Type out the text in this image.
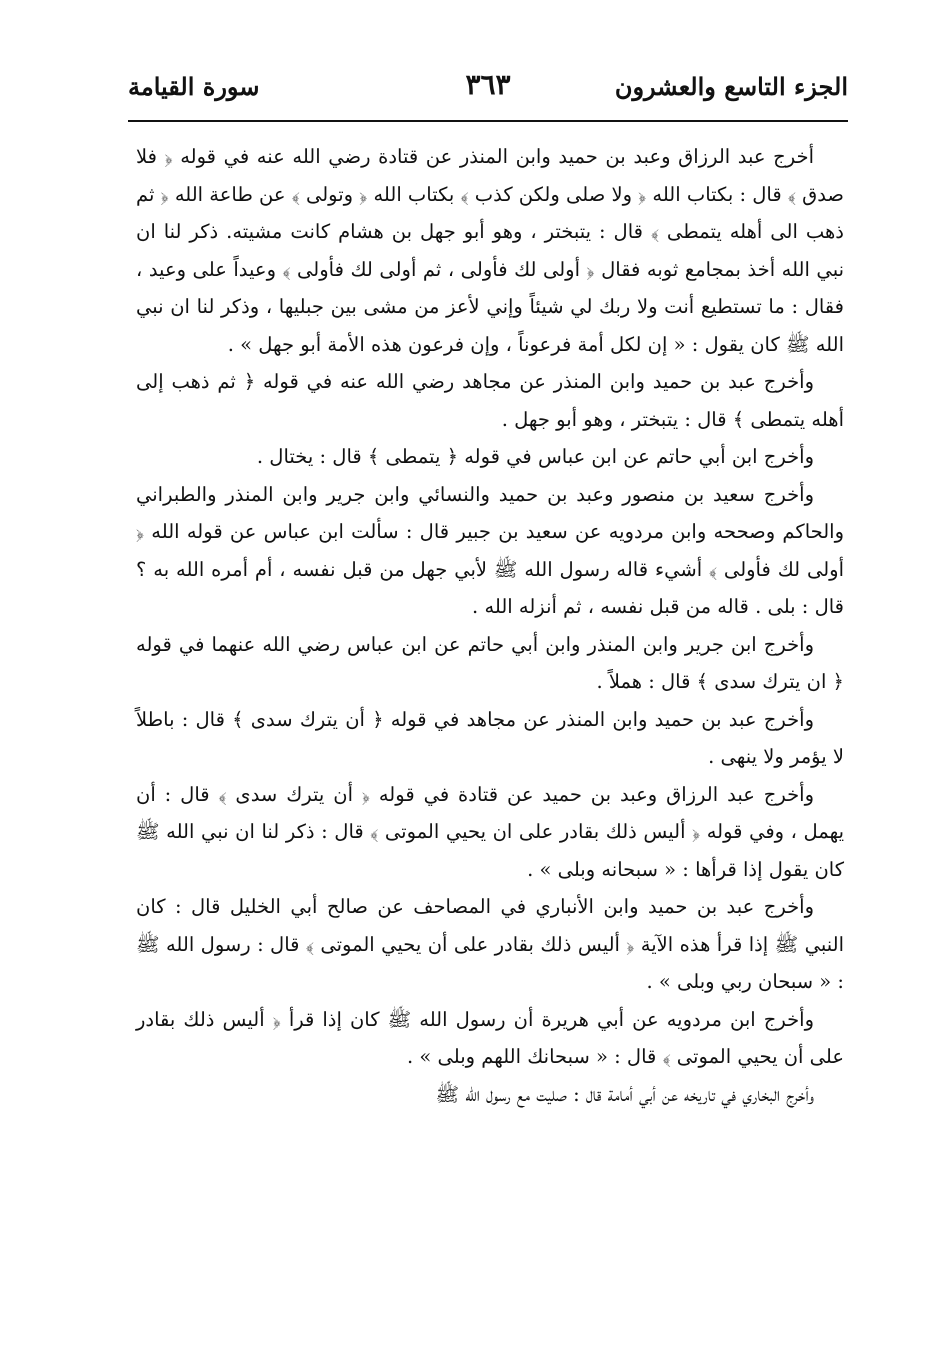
الجزء التاسع والعشرون
٣٦٣
سورة القيامة

أخرج عبد الرزاق وعبد بن حميد وابن المنذر عن قتادة رضي الله عنه في قوله ﴿ فلا صدق ﴾ قال : بكتاب الله ﴿ ولا صلى ولكن كذب ﴾ بكتاب الله ﴿ وتولى ﴾ عن طاعة الله ﴿ ثم ذهب الى أهله يتمطى ﴾ قال : يتبختر ، وهو أبو جهل بن هشام كانت مشيته. ذكر لنا ان نبي الله أخذ بمجامع ثوبه فقال ﴿ أولى لك فأولى ، ثم أولى لك فأولى ﴾ وعيداً على وعيد ، فقال : ما تستطيع أنت ولا ربك لي شيئاً وإني لأعز من مشى بين جبليها ، وذكر لنا ان نبي الله ﷺ كان يقول : « إن لكل أمة فرعوناً ، وإن فرعون هذه الأمة أبو جهل » .

وأخرج عبد بن حميد وابن المنذر عن مجاهد رضي الله عنه في قوله ﴿ ثم ذهب إلى أهله يتمطى ﴾ قال : يتبختر ، وهو أبو جهل .

وأخرج ابن أبي حاتم عن ابن عباس في قوله ﴿ يتمطى ﴾ قال : يختال .

وأخرج سعيد بن منصور وعبد بن حميد والنسائي وابن جرير وابن المنذر والطبراني والحاكم وصححه وابن مردويه عن سعيد بن جبير قال : سألت ابن عباس عن قوله الله ﴿ أولى لك فأولى ﴾ أشيء قاله رسول الله ﷺ لأبي جهل من قبل نفسه ، أم أمره الله به ؟ قال : بلى . قاله من قبل نفسه ، ثم أنزله الله .

وأخرج ابن جرير وابن المنذر وابن أبي حاتم عن ابن عباس رضي الله عنهما في قوله ﴿ ان يترك سدى ﴾ قال : هملاً .

وأخرج عبد بن حميد وابن المنذر عن مجاهد في قوله ﴿ أن يترك سدى ﴾ قال : باطلاً لا يؤمر ولا ينهى .

وأخرج عبد الرزاق وعبد بن حميد عن قتادة في قوله ﴿ أن يترك سدى ﴾ قال : أن يهمل ، وفي قوله ﴿ أليس ذلك بقادر على ان يحيي الموتى ﴾ قال : ذكر لنا ان نبي الله ﷺ كان يقول إذا قرأها : « سبحانه وبلى » .

وأخرج عبد بن حميد وابن الأنباري في المصاحف عن صالح أبي الخليل قال : كان النبي ﷺ إذا قرأ هذه الآية ﴿ أليس ذلك بقادر على أن يحيي الموتى ﴾ قال : رسول الله ﷺ : « سبحان ربي وبلى » .

وأخرج ابن مردويه عن أبي هريرة أن رسول الله ﷺ كان إذا قرأ ﴿ أليس ذلك بقادر على أن يحيي الموتى ﴾ قال : « سبحانك اللهم وبلى » .

وأخرج البخاري في تاريخه عن أبي أمامة قال : صليت مع رسول الله ﷺ
